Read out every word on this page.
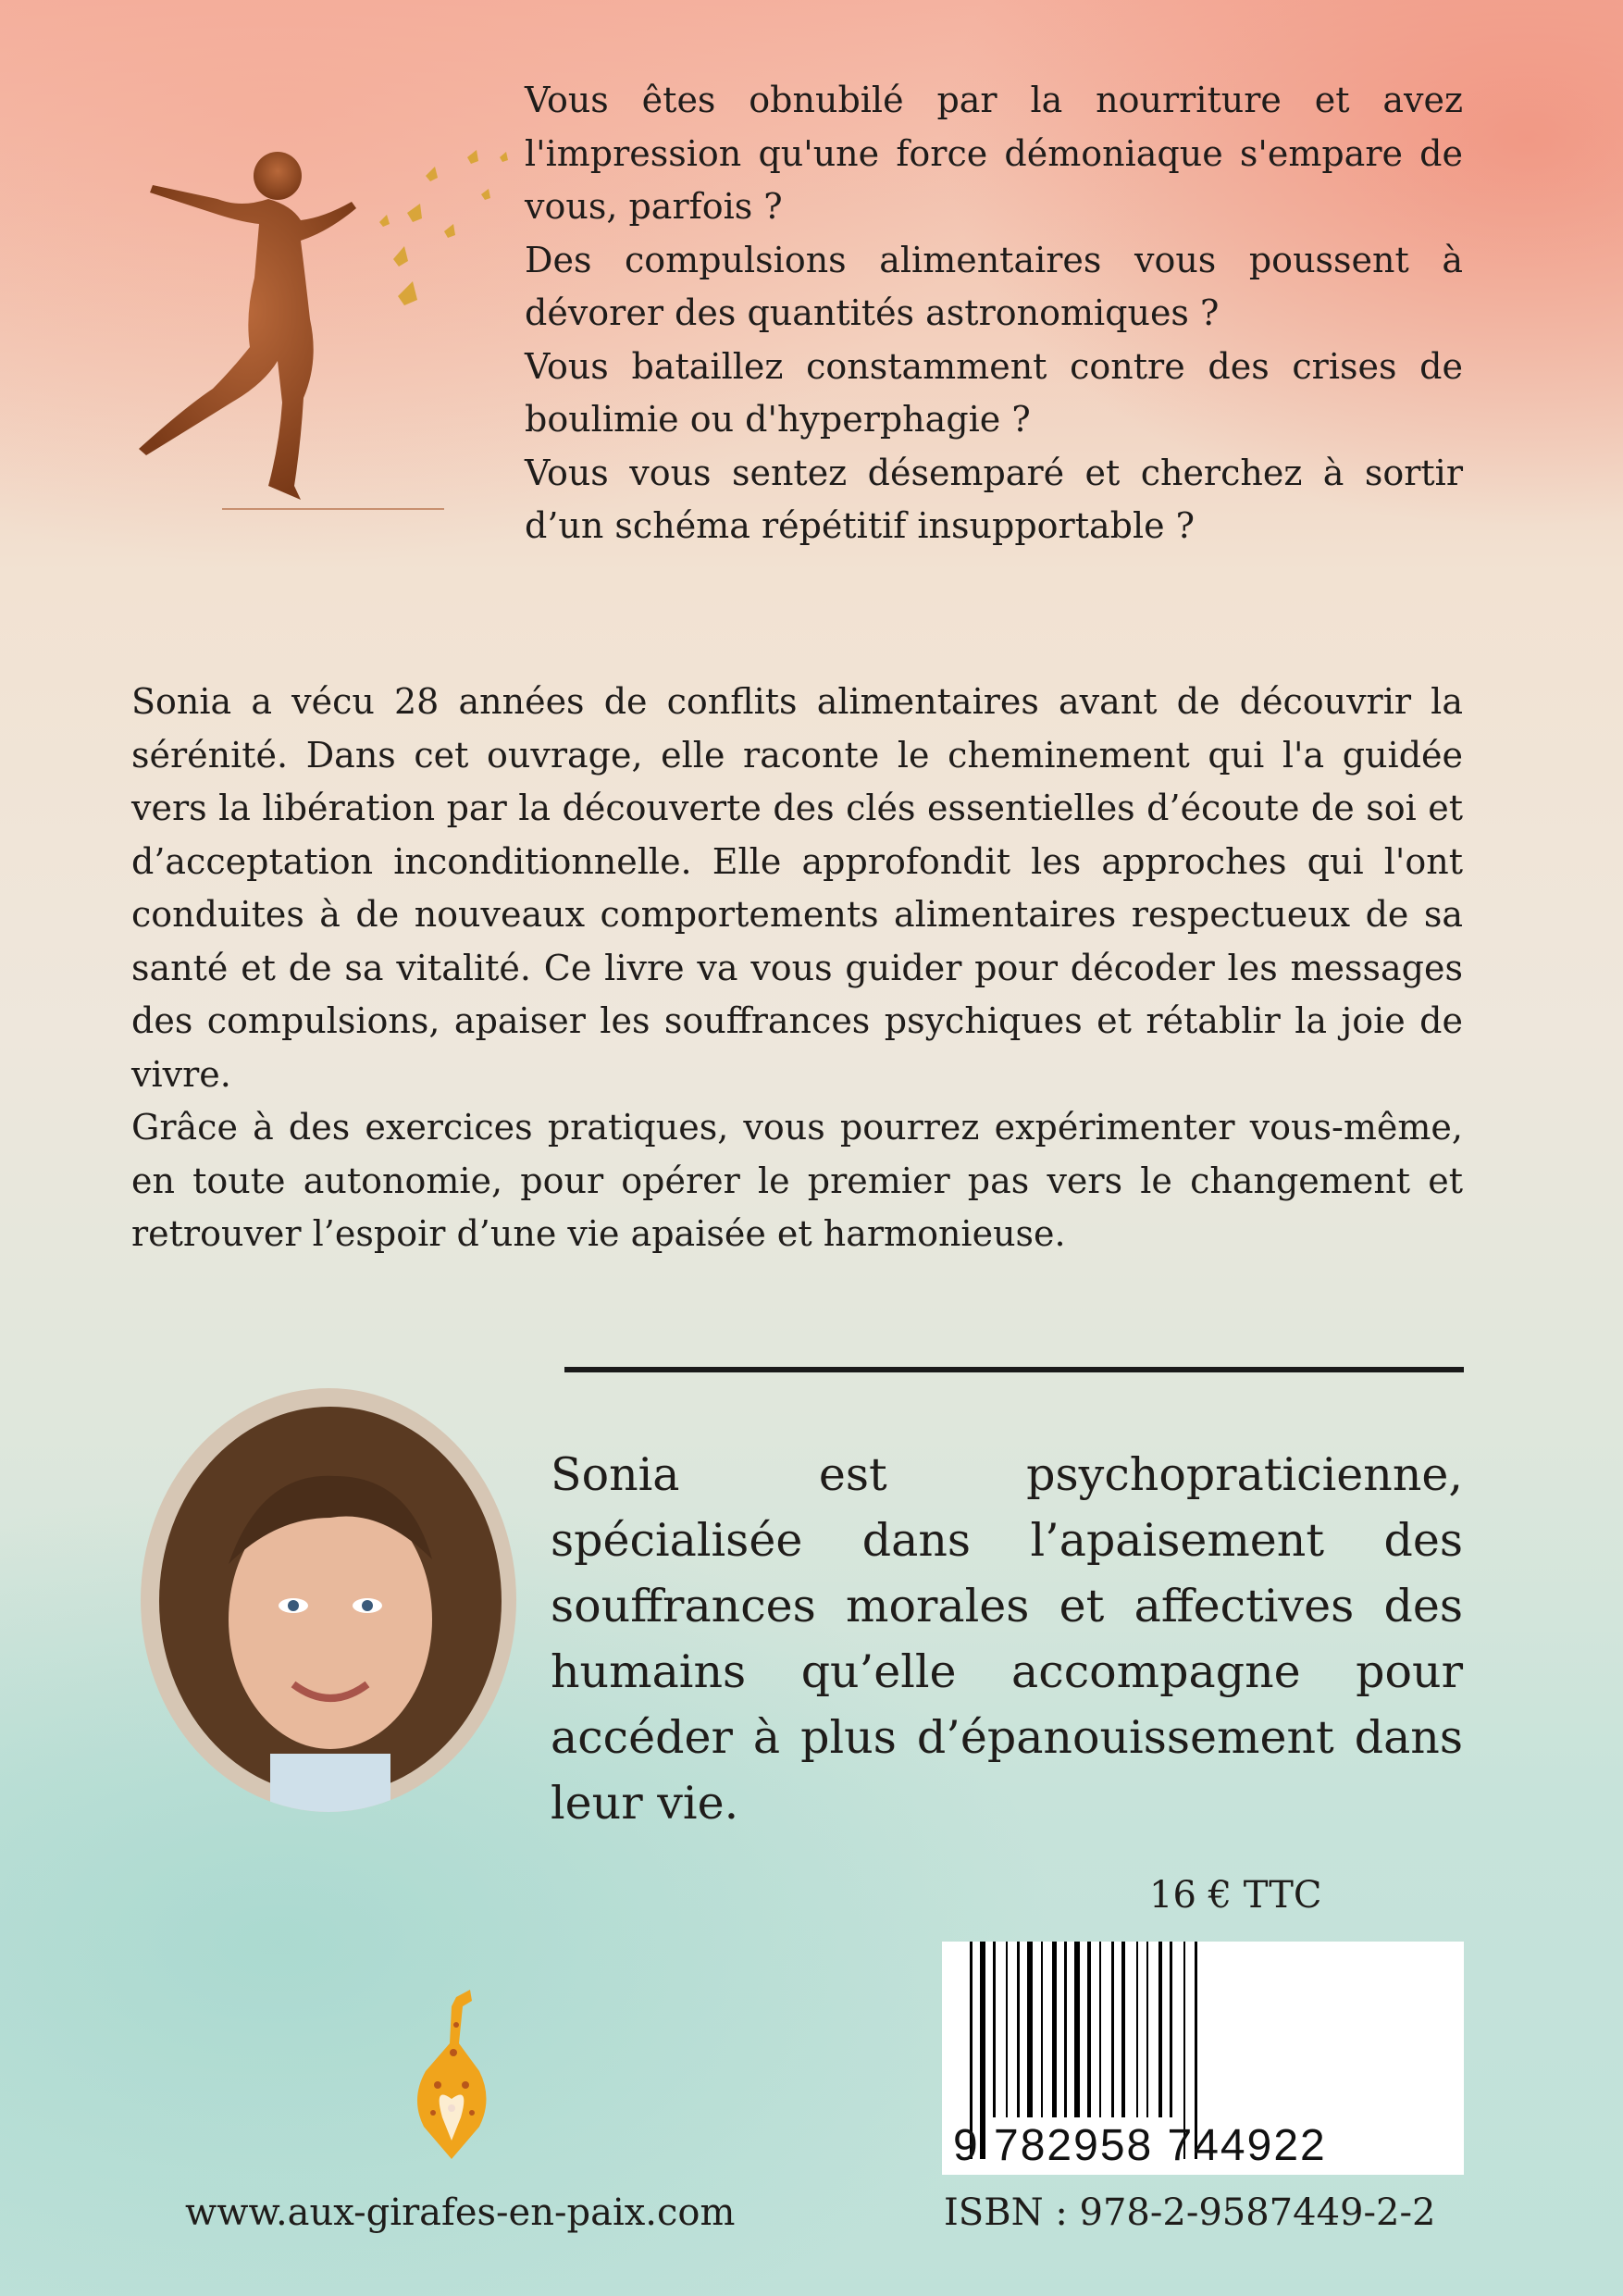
Vous êtes obnubilé par la nourriture et avez l'impression qu'une force démoniaque s'empare de vous, parfois ?

Des compulsions alimentaires vous poussent à dévorer des quantités astronomiques ?

Vous bataillez constamment contre des crises de boulimie ou d'hyperphagie ?

Vous vous sentez désemparé et cherchez à sortir d’un schéma répétitif insupportable ?

Sonia a vécu 28 années de conflits alimentaires avant de découvrir la sérénité. Dans cet ouvrage, elle raconte le cheminement qui l'a guidée vers la libération par la découverte des clés essentielles d’écoute de soi et d’acceptation inconditionnelle. Elle approfondit les approches qui l'ont conduites à de nouveaux comportements alimentaires respectueux de sa santé et de sa vitalité. Ce livre va vous guider pour décoder les messages des compulsions, apaiser les souffrances psychiques et rétablir la joie de vivre.

Grâce à des exercices pratiques, vous pourrez expérimenter vous-même, en toute autonomie, pour opérer le premier pas vers le changement et retrouver l’espoir d’une vie apaisée et harmonieuse.

Sonia est psychopraticienne, spécialisée dans l’apaisement des souffrances morales et affectives des humains qu’elle accompagne pour accéder à plus d’épanouissement dans leur vie.
16 € TTC
9 782958 744922
www.aux-girafes-en-paix.com	ISBN : 978-2-9587449-2-2
